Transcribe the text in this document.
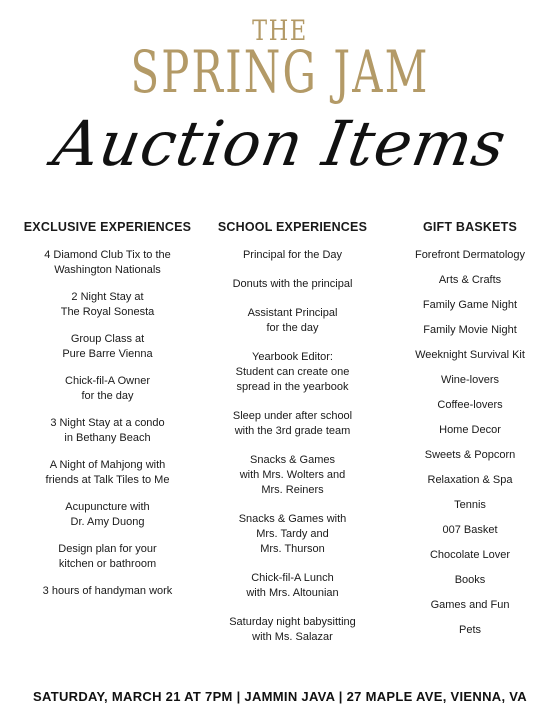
THE
SPRING JAM
Auction Items
EXCLUSIVE EXPERIENCES
4 Diamond Club Tix to the
Washington Nationals
2 Night Stay at
The Royal Sonesta
Group Class at
Pure Barre Vienna
Chick-fil-A Owner
for the day
3 Night Stay at a condo
in Bethany Beach
A Night of Mahjong with
friends at Talk Tiles to Me
Acupuncture with
Dr. Amy Duong
Design plan for your
kitchen or bathroom
3 hours of handyman work
SCHOOL EXPERIENCES
Principal for the Day
Donuts with the principal
Assistant Principal
for the day
Yearbook Editor:
Student can create one
spread in the yearbook
Sleep under after school
with the 3rd grade team
Snacks & Games
with Mrs. Wolters and
Mrs. Reiners
Snacks & Games with
Mrs. Tardy and
Mrs. Thurson
Chick-fil-A Lunch
with Mrs. Altounian
Saturday night babysitting
with Ms. Salazar
GIFT BASKETS
Forefront Dermatology
Arts & Crafts
Family Game Night
Family Movie Night
Weeknight Survival Kit
Wine-lovers
Coffee-lovers
Home Decor
Sweets & Popcorn
Relaxation & Spa
Tennis
007 Basket
Chocolate Lover
Books
Games and Fun
Pets
SATURDAY, MARCH 21 AT 7PM | JAMMIN JAVA | 27 MAPLE AVE, VIENNA, VA
